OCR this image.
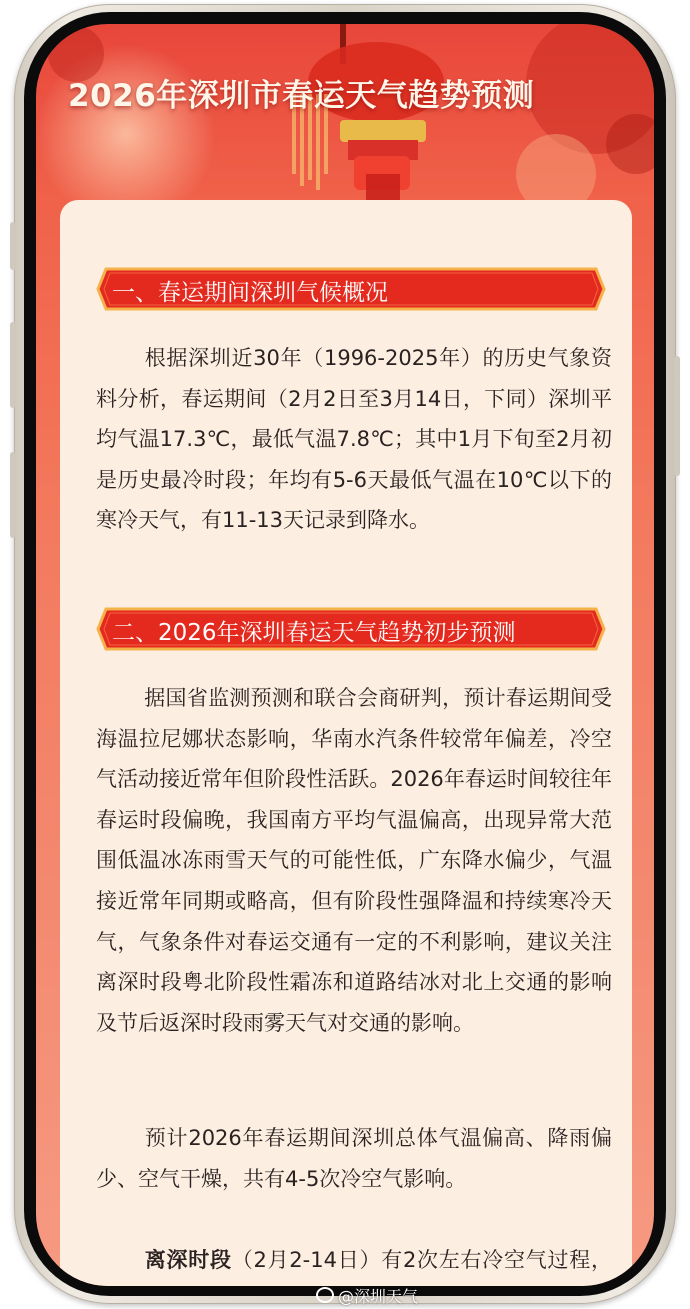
2026年深圳市春运天气趋势预测
一、春运期间深圳气候概况

根据深圳近30年（1996-2025年）的历史气象资料分析，春运期间（2月2日至3月14日，下同）深圳平均气温17.3℃，最低气温7.8℃；其中1月下旬至2月初是历史最冷时段；年均有5-6天最低气温在10℃以下的寒冷天气，有11-13天记录到降水。

二、2026年深圳春运天气趋势初步预测

据国省监测预测和联合会商研判，预计春运期间受海温拉尼娜状态影响，华南水汽条件较常年偏差，冷空气活动接近常年但阶段性活跃。2026年春运时间较往年春运时段偏晚，我国南方平均气温偏高，出现异常大范围低温冰冻雨雪天气的可能性低，广东降水偏少，气温接近常年同期或略高，但有阶段性强降温和持续寒冷天气，气象条件对春运交通有一定的不利影响，建议关注离深时段粤北阶段性霜冻和道路结冰对北上交通的影响及节后返深时段雨雾天气对交通的影响。

预计2026年春运期间深圳总体气温偏高、降雨偏少、空气干燥，共有4-5次冷空气影响。

离深时段（2月2-14日）有2次左右冷空气过程，

@深圳天气
